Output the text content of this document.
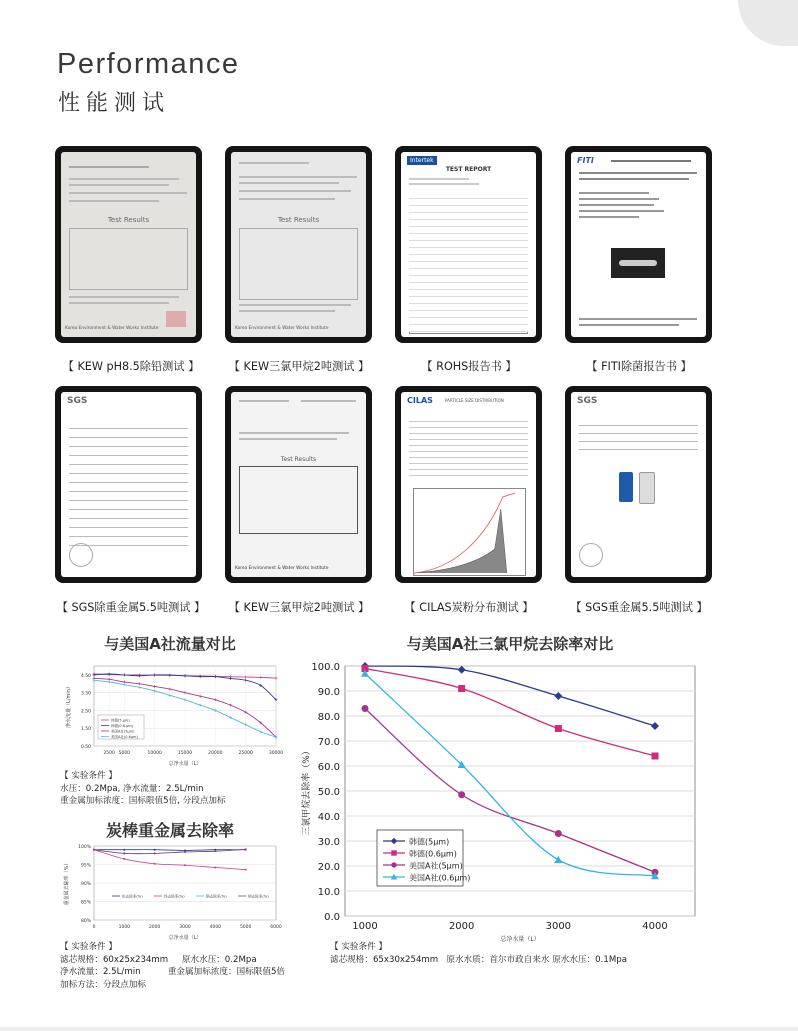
Performance
性能测试
Test Results
Korea Environment & Water Works Institute
Test Results
Korea Environment & Water Works Institute
Intertek
TEST REPORT
FITI
【 KEW pH8.5除铅测试 】	【 KEW三氯甲烷2吨测试 】	【 ROHS报告书 】	【 FITI除菌报告书 】
SGS
Test Results
Korea Environment & Water Works Institute
CILAS	PARTICLE SIZE DISTRIBUTION	SGS
【 SGS除重金属5.5吨测试 】	【 KEW三氯甲烷2吨测试 】	【 CILAS炭粉分布测试 】	【 SGS重金属5.5吨测试 】
与美国A社流量对比
0.50
1.50
2.50
3.50
4.50
2500 5000	10000	15000	20000	25000	30000
总净水量（L）
净水流量（L/min）	韩德(5.μm)
韩德(0.6.μm)
美国A社(5μm)
美国A社(0.6μm)
【 实验条件 】
水压：0.2Mpa, 净水流量：2.5L/min
重金属加标浓度：国标限值5倍, 分段点加标
炭棒重金属去除率
80%
85%
90%
95%
100%
0	1000	2000	3000	4000	5000	6000
总净水量（L）
重金属去除率（%）	铅去除率(%)	铁去除率(%)	镉去除率(%)	铜去除率(%)
【 实验条件 】
滤芯规格：60x25x234mm     原水水压：0.2Mpa
净水流量：2.5L/min          重金属加标浓度：国标限值5倍
加标方法：分段点加标
与美国A社三氯甲烷去除率对比
0.0
10.0
20.0
30.0
40.0
50.0
60.0
70.0
80.0
90.0
100.0
1000	2000	3000	4000
总净水量（L）
三氯甲烷去除率（%）
韩德(5μm)
韩德(0.6μm)
美国A社(5μm)
美国A社(0.6μm)
【 实验条件 】
滤芯规格：65x30x254mm   原水水质：首尔市政自来水 原水水压：0.1Mpa
